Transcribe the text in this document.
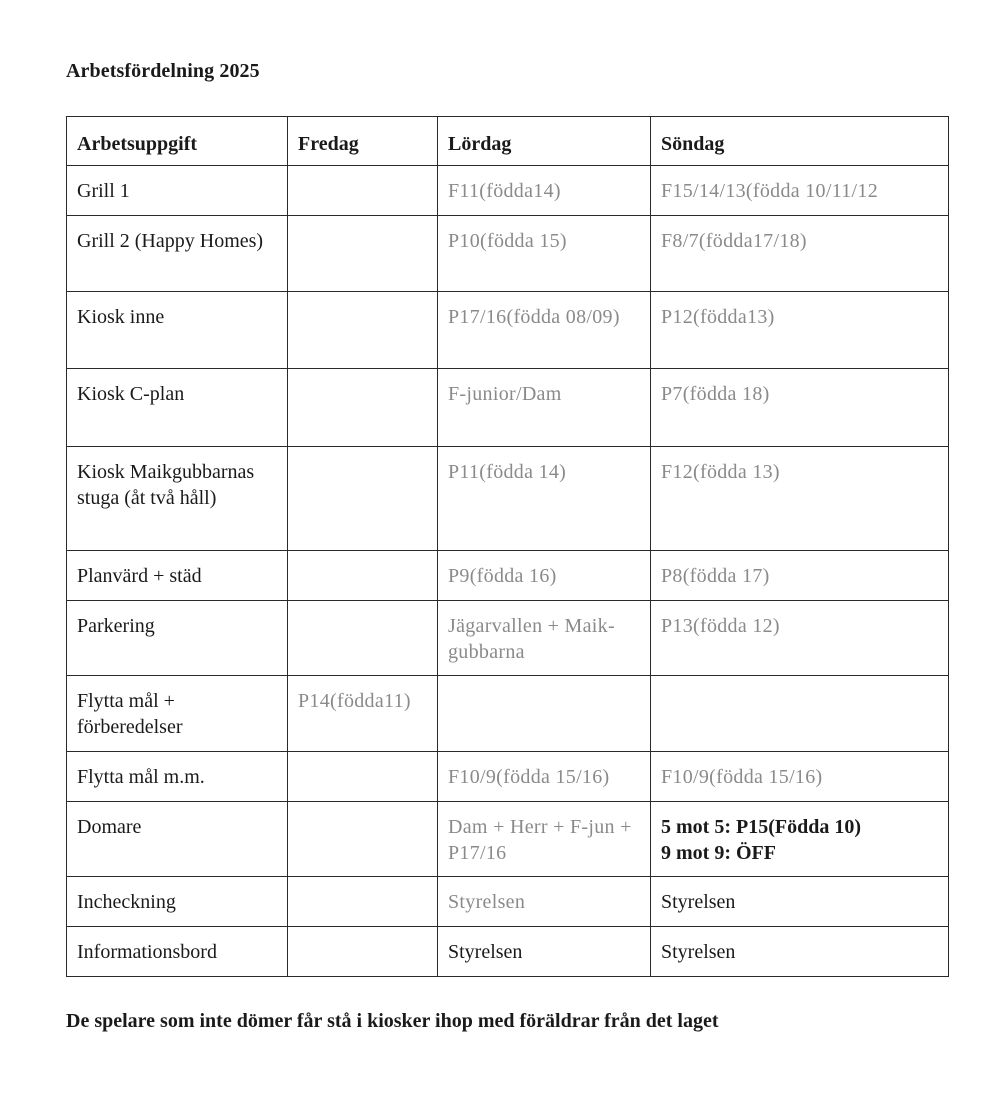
Arbetsfördelning 2025
Arbetsuppgift	Fredag	Lördag	Söndag
Grill 1		F11(födda14)	F15/14/13(födda 10/11/12
Grill 2 (Happy Homes)		P10(födda 15)	F8/7(födda17/18)
Kiosk inne		P17/16(födda 08/09)	P12(födda13)
Kiosk C-plan		F-junior/Dam	P7(födda 18)
Kiosk Maikgubbarnas stuga (åt två håll)		P11(födda 14)	F12(födda 13)
Planvärd + städ		P9(födda 16)	P8(födda 17)
Parkering		Jägarvallen + Maik-gubbarna	P13(födda 12)
Flytta mål + förberedelser	P14(födda11)		
Flytta mål m.m.		F10/9(födda 15/16)	F10/9(födda 15/16)
Domare		Dam + Herr + F-jun + P17/16	5 mot 5: P15(Födda 10)
9 mot 9: ÖFF

Incheckning		Styrelsen	Styrelsen
Informationsbord		Styrelsen	Styrelsen
De spelare som inte dömer får stå i kiosker ihop med föräldrar från det laget
